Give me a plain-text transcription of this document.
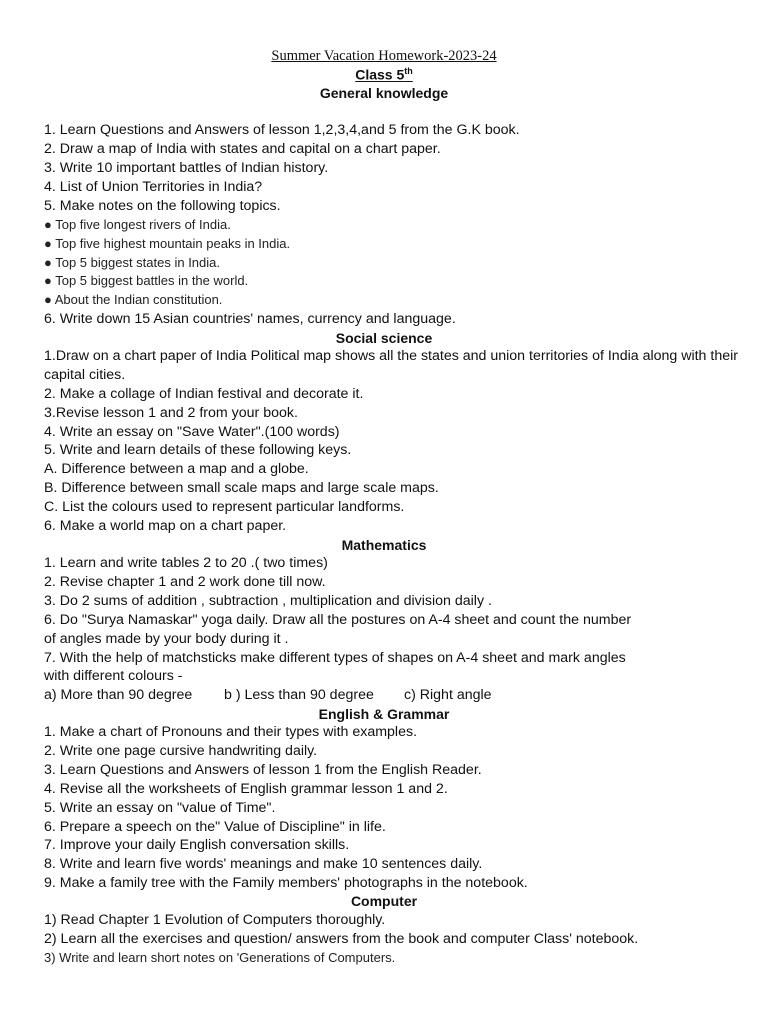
Summer Vacation Homework-2023-24
Class 5th
General knowledge
1. Learn Questions and Answers of lesson 1,2,3,4,and 5 from the G.K book.
2. Draw a map of India with states and capital on a chart paper.
3. Write 10 important battles of Indian history.
4. List of Union Territories in India?
5. Make notes on the following topics.
● Top five longest rivers of India.
● Top five highest mountain peaks in India.
● Top 5 biggest states in India.
● Top 5 biggest battles in the world.
● About the Indian constitution.
6. Write down 15 Asian countries' names, currency and language.
Social science
1.Draw on a chart paper of India Political map shows all the states and union territories of India along with their
capital cities.
2. Make a collage of Indian festival and decorate it.
3.Revise lesson 1 and 2 from your book.
4. Write an essay on "Save Water".(100 words)
5. Write and learn details of these following keys.
A. Difference between a map and a globe.
B. Difference between small scale maps and large scale maps.
C. List the colours used to represent particular landforms.
6. Make a world map on a chart paper.
Mathematics
1. Learn and write tables 2 to 20 .( two times)
2. Revise chapter 1 and 2 work done till now.
3. Do 2 sums of addition , subtraction , multiplication and division daily .
6. Do "Surya Namaskar" yoga daily. Draw all the postures on A-4 sheet and count the number
of angles made by your body during it .
7. With the help of matchsticks make different types of shapes on A-4 sheet and mark angles
with different colours -
a) More than 90 degree b ) Less than 90 degree c) Right angle
English & Grammar
1. Make a chart of Pronouns and their types with examples.
2. Write one page cursive handwriting daily.
3. Learn Questions and Answers of lesson 1 from the English Reader.
4. Revise all the worksheets of English grammar lesson 1 and 2.
5. Write an essay on "value of Time".
6. Prepare a speech on the" Value of Discipline" in life.
7. Improve your daily English conversation skills.
8. Write and learn five words' meanings and make 10 sentences daily.
9. Make a family tree with the Family members' photographs in the notebook.
Computer
1) Read Chapter 1 Evolution of Computers thoroughly.
2) Learn all the exercises and question/ answers from the book and computer Class' notebook.
3) Write and learn short notes on 'Generations of Computers.
